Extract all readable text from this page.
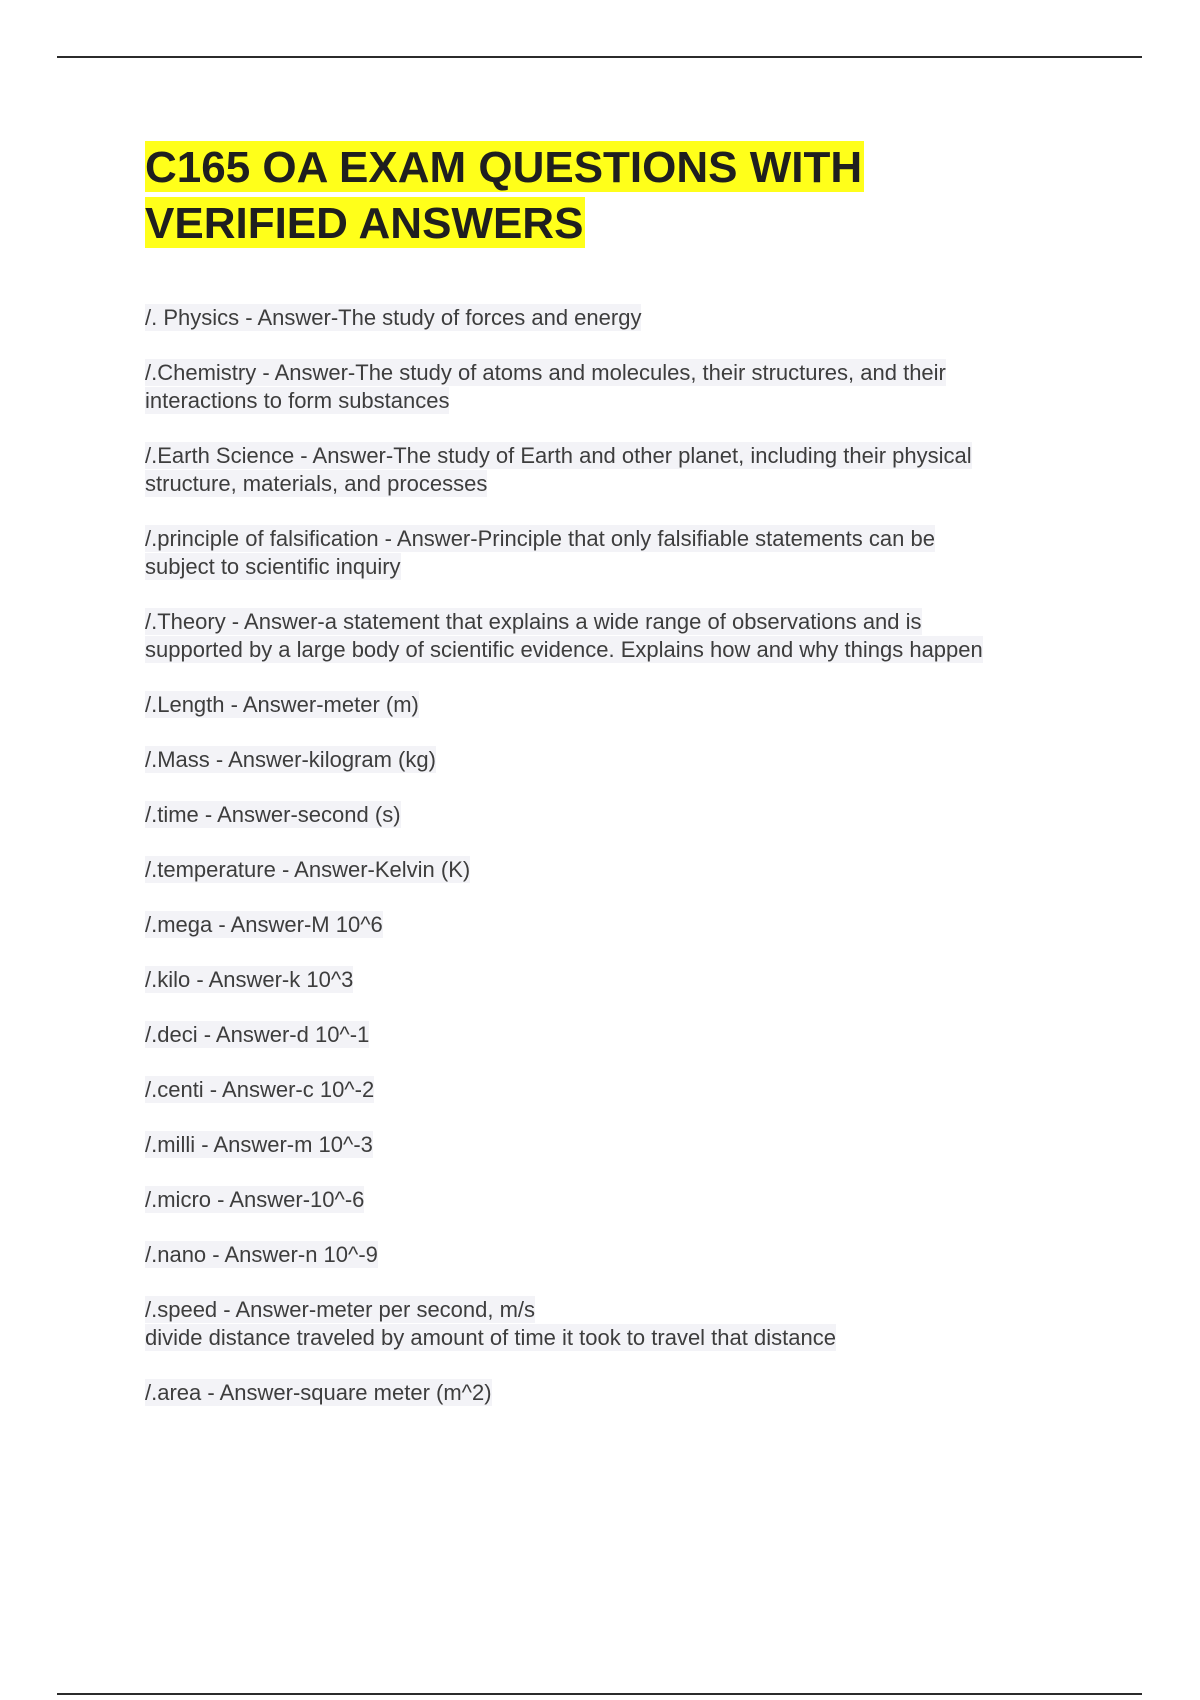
C165 OA EXAM QUESTIONS WITH
VERIFIED ANSWERS
/. Physics - Answer-The study of forces and energy
/.Chemistry - Answer-The study of atoms and molecules, their structures, and their
interactions to form substances
/.Earth Science - Answer-The study of Earth and other planet, including their physical
structure, materials, and processes
/.principle of falsification - Answer-Principle that only falsifiable statements can be
subject to scientific inquiry
/.Theory - Answer-a statement that explains a wide range of observations and is
supported by a large body of scientific evidence. Explains how and why things happen
/.Length - Answer-meter (m)
/.Mass - Answer-kilogram (kg)
/.time - Answer-second (s)
/.temperature - Answer-Kelvin (K)
/.mega - Answer-M 10^6
/.kilo - Answer-k 10^3
/.deci - Answer-d 10^-1
/.centi - Answer-c 10^-2
/.milli - Answer-m 10^-3
/.micro - Answer-10^-6
/.nano - Answer-n 10^-9
/.speed - Answer-meter per second, m/s
divide distance traveled by amount of time it took to travel that distance
/.area - Answer-square meter (m^2)
